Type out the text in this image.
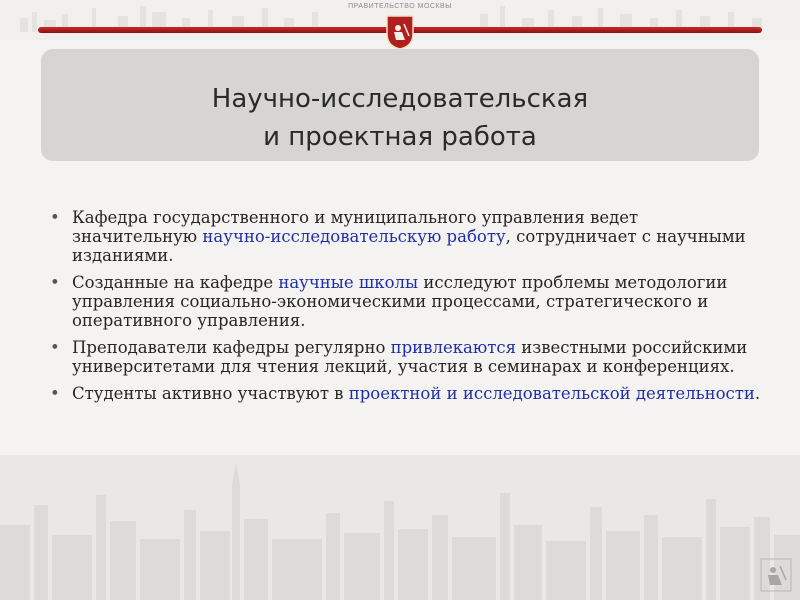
ПРАВИТЕЛЬСТВО МОСКВЫ
Научно-исследовательская
и проектная работа
• Кафедра государственного и муниципального управления ведет значительную научно-исследовательскую работу, сотрудничает с научными изданиями.
• Созданные на кафедре научные школы исследуют проблемы методологии управления социально-экономическими процессами, стратегического и оперативного управления.
• Преподаватели кафедры регулярно привлекаются известными российскими университетами для чтения лекций, участия в семинарах и конференциях.
• Студенты активно участвуют в проектной и исследовательской деятельности.
